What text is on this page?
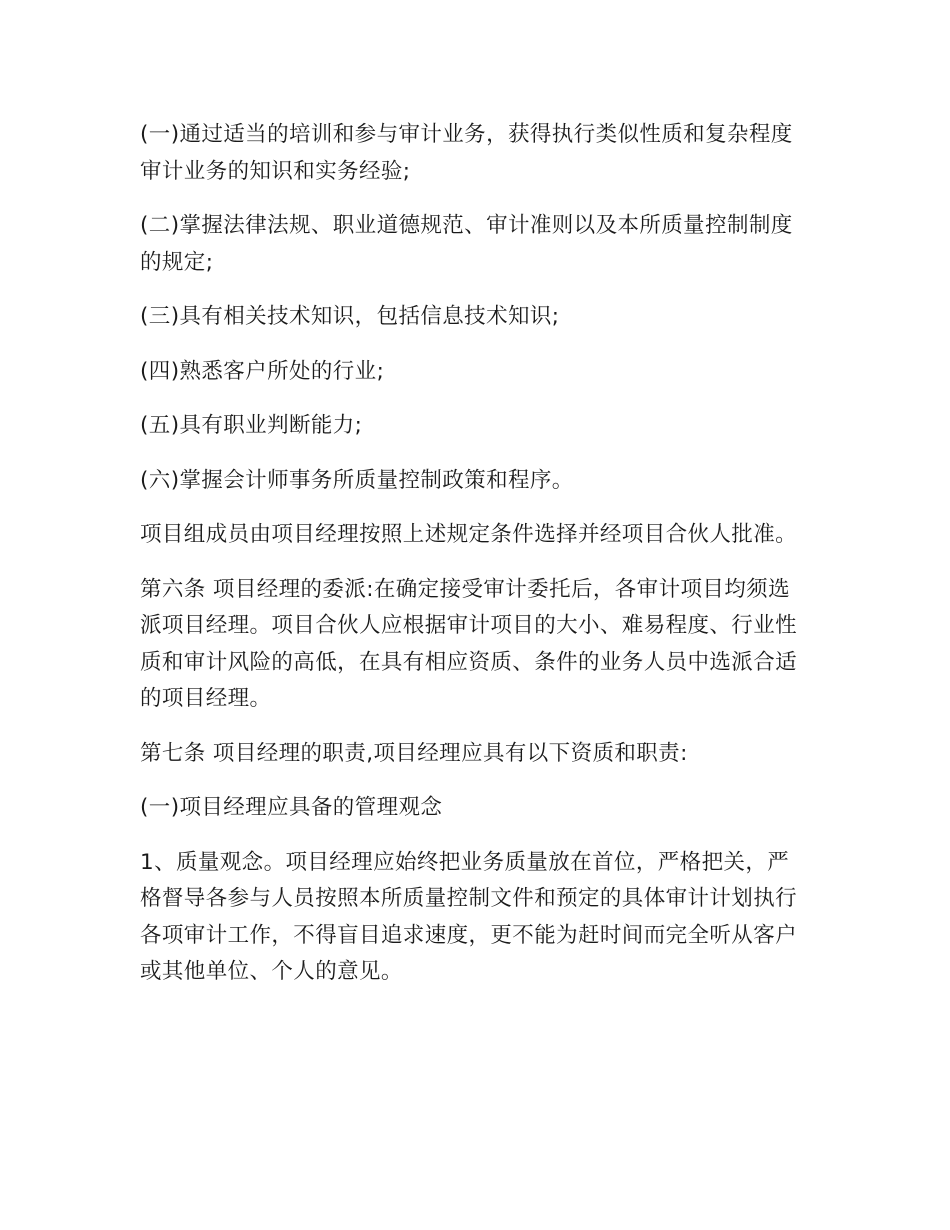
(一)通过适当的培训和参与审计业务，获得执行类似性质和复杂程度审计业务的知识和实务经验;

(二)掌握法律法规、职业道德规范、审计准则以及本所质量控制制度的规定;

(三)具有相关技术知识，包括信息技术知识;

(四)熟悉客户所处的行业;

(五)具有职业判断能力;

(六)掌握会计师事务所质量控制政策和程序。

项目组成员由项目经理按照上述规定条件选择并经项目合伙人批准。

第六条 项目经理的委派:在确定接受审计委托后，各审计项目均须选派项目经理。项目合伙人应根据审计项目的大小、难易程度、行业性质和审计风险的高低，在具有相应资质、条件的业务人员中选派合适的项目经理。

第七条 项目经理的职责,项目经理应具有以下资质和职责:

(一)项目经理应具备的管理观念

1、质量观念。项目经理应始终把业务质量放在首位，严格把关，严格督导各参与人员按照本所质量控制文件和预定的具体审计计划执行各项审计工作，不得盲目追求速度，更不能为赶时间而完全听从客户或其他单位、个人的意见。
